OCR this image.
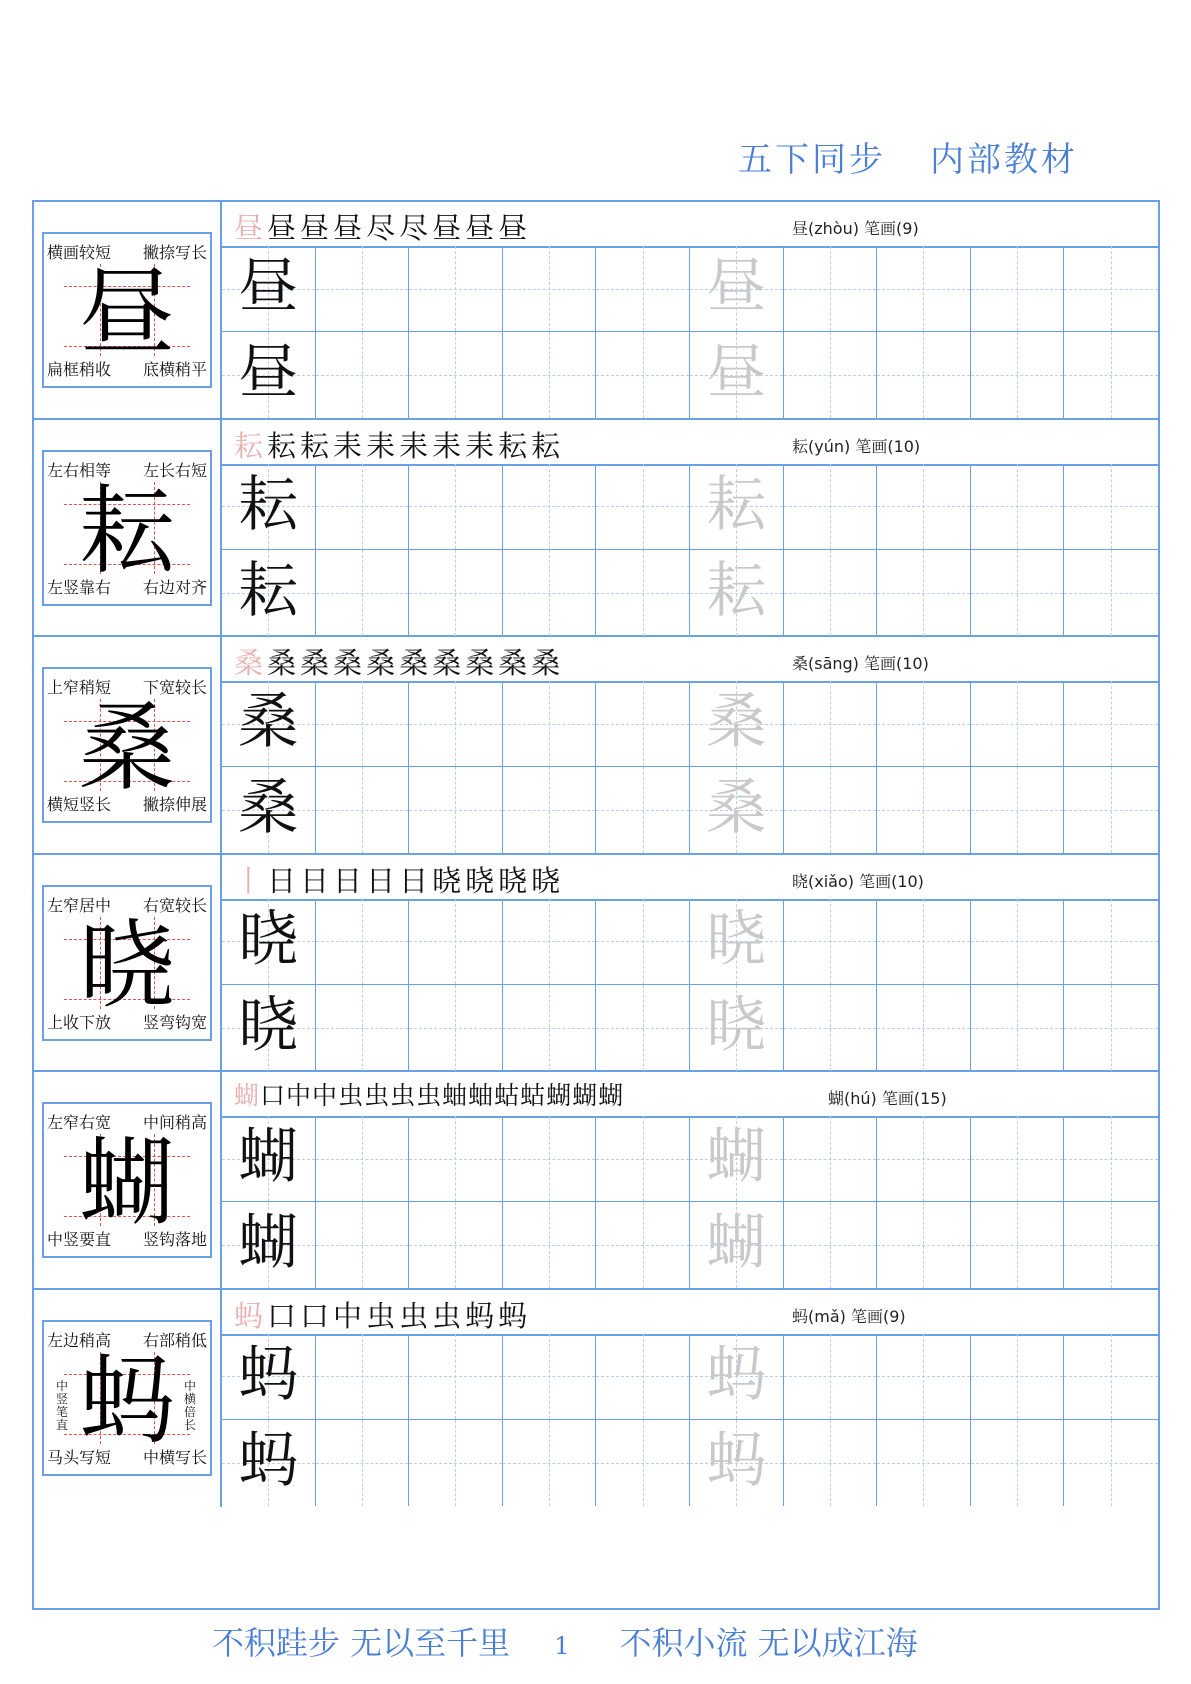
五下同步 内部教材
昼
横画较短 撇捺写长
扁框稍收 底横稍平
昼昼昼昼尽尽昼昼昼	昼(zhòu) 笔画(9)
昼	昼
昼	昼
耘
左右相等 左长右短
左竖靠右 右边对齐
耘耘耘耒耒耒耒耒耘耘	耘(yún) 笔画(10)
耘	耘
耘	耘
桑
上窄稍短 下宽较长
横短竖长 撇捺伸展
桑桑桑桑桑桑桑桑桑桑	桑(sāng) 笔画(10)
桑	桑
桑	桑
晓
左窄居中 右宽较长
上收下放 竖弯钩宽
丨日日日日日晓晓晓晓	晓(xiǎo) 笔画(10)
晓	晓
晓	晓
蝴
左窄右宽 中间稍高
中竖要直 竖钩落地
蝴口中中虫虫虫虫蚰蚰蛄蛄蝴蝴蝴	蝴(hú) 笔画(15)
蝴	蝴
蝴	蝴
蚂
左边稍高 右部稍低
马头写短 中横写长
中竖笔直
中横倍长
蚂口口中虫虫虫蚂蚂	蚂(mǎ) 笔画(9)
蚂	蚂
蚂	蚂
不积跬步 无以至千里 1 不积小流 无以成江海
